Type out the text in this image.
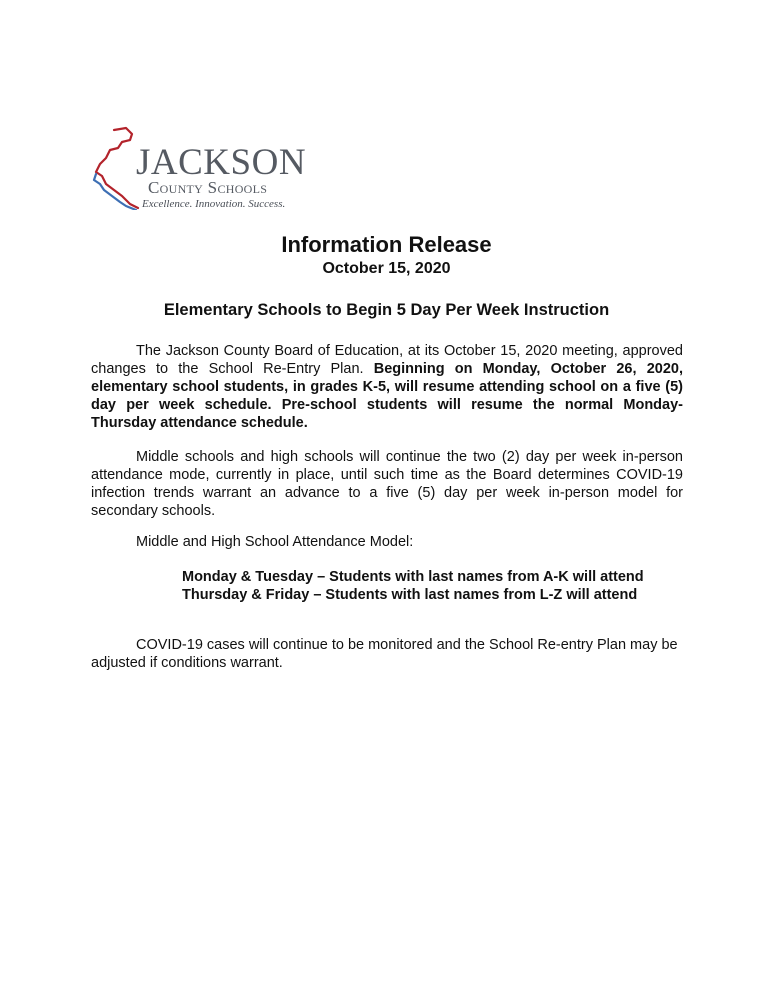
JACKSON
County Schools
Excellence. Innovation. Success.
Information Release
October 15, 2020
Elementary Schools to Begin 5 Day Per Week Instruction

The Jackson County Board of Education, at its October 15, 2020 meeting, approved changes to the School Re-Entry Plan. Beginning on Monday, October 26, 2020, elementary school students, in grades K-5, will resume attending school on a five (5) day per week schedule. Pre-school students will resume the normal Monday-Thursday attendance schedule.

Middle schools and high schools will continue the two (2) day per week in-person attendance mode, currently in place, until such time as the Board determines COVID-19 infection trends warrant an advance to a five (5) day per week in-person model for secondary schools.

Middle and High School Attendance Model:

Monday & Tuesday – Students with last names from A-K will attend
Thursday & Friday – Students with last names from L-Z will attend

COVID-19 cases will continue to be monitored and the School Re-entry Plan may be adjusted if conditions warrant.
